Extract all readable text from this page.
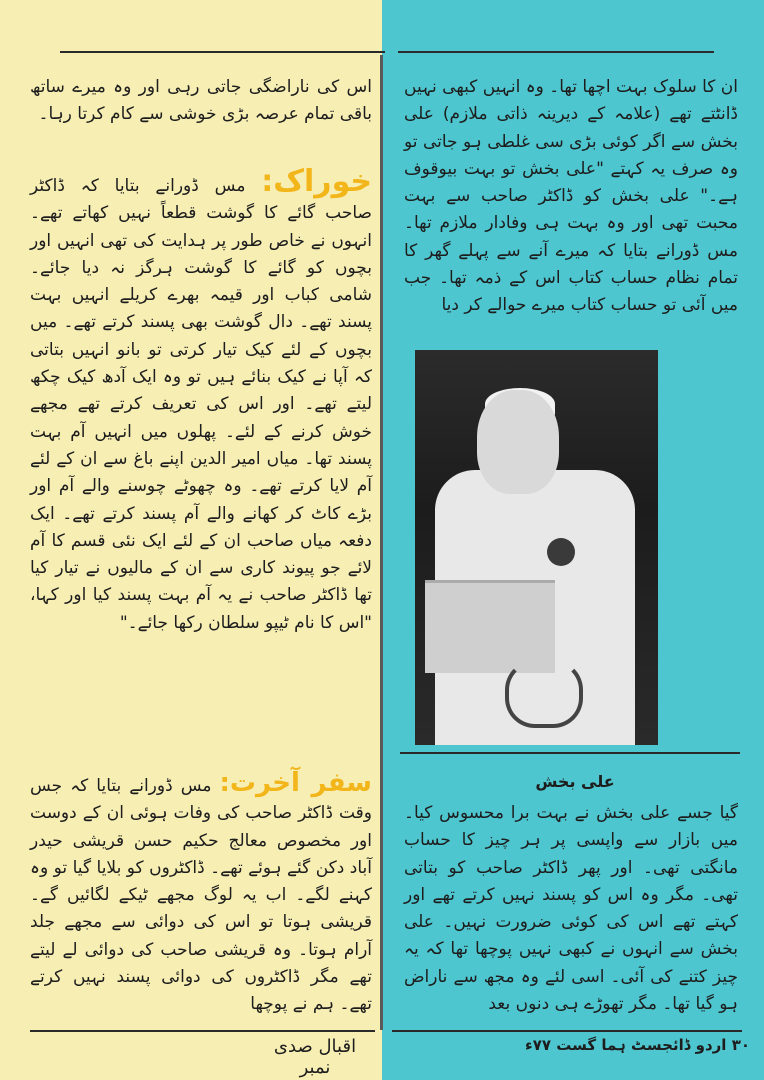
اس کی ناراضگی جاتی رہی اور وہ میرے ساتھ باقی تمام عرصہ بڑی خوشی سے کام کرتا رہا۔
خوراک: مس ڈورانے بتایا کہ ڈاکٹر صاحب گائے کا گوشت قطعاً نہیں کھاتے تھے۔ انہوں نے خاص طور پر ہدایت کی تھی انہیں اور بچوں کو گائے کا گوشت ہرگز نہ دیا جائے۔ شامی کباب اور قیمہ بھرے کریلے انہیں بہت پسند تھے۔ دال گوشت بھی پسند کرتے تھے۔ میں بچوں کے لئے کیک تیار کرتی تو بانو انہیں بتاتی کہ آپا نے کیک بنائے ہیں تو وہ ایک آدھ کیک چکھ لیتے تھے۔ اور اس کی تعریف کرتے تھے مجھے خوش کرنے کے لئے۔ پھلوں میں انہیں آم بہت پسند تھا۔ میاں امیر الدین اپنے باغ سے ان کے لئے آم لایا کرتے تھے۔ وہ چھوٹے چوسنے والے آم اور بڑے کاٹ کر کھانے والے آم پسند کرتے تھے۔ ایک دفعہ میاں صاحب ان کے لئے ایک نئی قسم کا آم لائے جو پیوند کاری سے ان کے مالیوں نے تیار کیا تھا ڈاکٹر صاحب نے یہ آم بہت پسند کیا اور کہا، "اس کا نام ٹیپو سلطان رکھا جائے۔"
سفر آخرت: مس ڈورانے بتایا کہ جس وقت ڈاکٹر صاحب کی وفات ہوئی ان کے دوست اور مخصوص معالج حکیم حسن قریشی حیدر آباد دکن گئے ہوئے تھے۔ ڈاکٹروں کو بلایا گیا تو وہ کہنے لگے۔ اب یہ لوگ مجھے ٹیکے لگائیں گے۔ قریشی ہوتا تو اس کی دوائی سے مجھے جلد آرام ہوتا۔ وہ قریشی صاحب کی دوائی لے لیتے تھے مگر ڈاکٹروں کی دوائی پسند نہیں کرتے تھے۔ ہم نے پوچھا
ان کا سلوک بہت اچھا تھا۔ وہ انہیں کبھی نہیں ڈانٹتے تھے (علامہ کے دیرینہ ذاتی ملازم) علی بخش سے اگر کوئی بڑی سی غلطی ہو جاتی تو وہ صرف یہ کہتے "علی بخش تو بہت بیوقوف ہے۔" علی بخش کو ڈاکٹر صاحب سے بہت محبت تھی اور وہ بہت ہی وفادار ملازم تھا۔ مس ڈورانے بتایا کہ میرے آنے سے پہلے گھر کا تمام نظام حساب کتاب اس کے ذمہ تھا۔ جب میں آئی تو حساب کتاب میرے حوالے کر دیا
علی بخش
گیا جسے علی بخش نے بہت برا محسوس کیا۔ میں بازار سے واپسی پر ہر چیز کا حساب مانگتی تھی۔ اور پھر ڈاکٹر صاحب کو بتاتی تھی۔ مگر وہ اس کو پسند نہیں کرتے تھے اور کہتے تھے اس کی کوئی ضرورت نہیں۔ علی بخش سے انہوں نے کبھی نہیں پوچھا تھا کہ یہ چیز کتنے کی آئی۔ اسی لئے وہ مجھ سے ناراض ہو گیا تھا۔ مگر تھوڑے ہی دنوں بعد
اقبال صدی نمبر
۳۰ اردو ڈائجسٹ ہما گست ۷۷ء
